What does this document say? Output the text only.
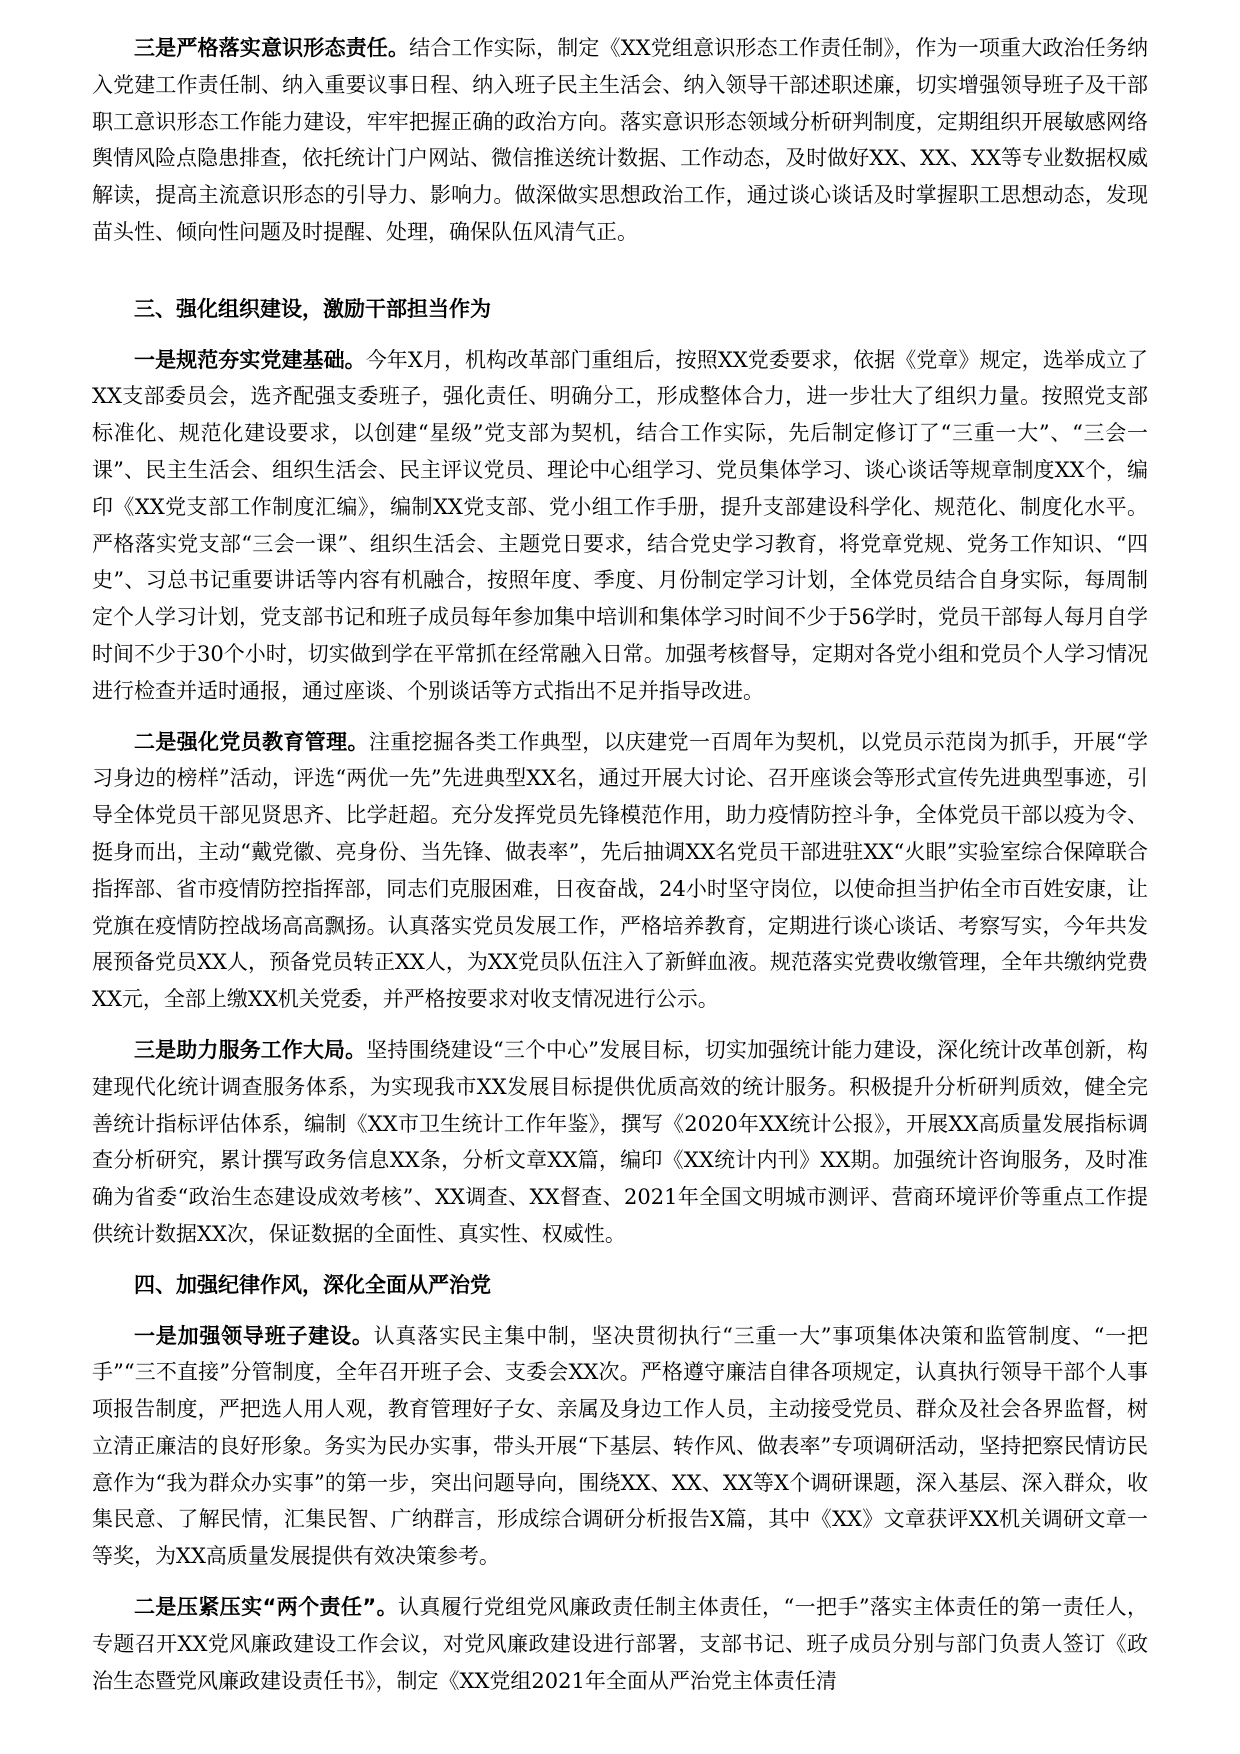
三是严格落实意识形态责任。结合工作实际，制定《XX党组意识形态工作责任制》，作为一项重大政治任务纳入党建工作责任制、纳入重要议事日程、纳入班子民主生活会、纳入领导干部述职述廉，切实增强领导班子及干部职工意识形态工作能力建设，牢牢把握正确的政治方向。落实意识形态领域分析研判制度，定期组织开展敏感网络舆情风险点隐患排查，依托统计门户网站、微信推送统计数据、工作动态，及时做好XX、XX、XX等专业数据权威解读，提高主流意识形态的引导力、影响力。做深做实思想政治工作，通过谈心谈话及时掌握职工思想动态，发现苗头性、倾向性问题及时提醒、处理，确保队伍风清气正。

三、强化组织建设，激励干部担当作为

一是规范夯实党建基础。今年X月，机构改革部门重组后，按照XX党委要求，依据《党章》规定，选举成立了XX支部委员会，选齐配强支委班子，强化责任、明确分工，形成整体合力，进一步壮大了组织力量。按照党支部标准化、规范化建设要求，以创建“星级”党支部为契机，结合工作实际，先后制定修订了“三重一大”、“三会一课”、民主生活会、组织生活会、民主评议党员、理论中心组学习、党员集体学习、谈心谈话等规章制度XX个，编印《XX党支部工作制度汇编》，编制XX党支部、党小组工作手册，提升支部建设科学化、规范化、制度化水平。严格落实党支部“三会一课”、组织生活会、主题党日要求，结合党史学习教育，将党章党规、党务工作知识、“四史”、习总书记重要讲话等内容有机融合，按照年度、季度、月份制定学习计划，全体党员结合自身实际，每周制定个人学习计划，党支部书记和班子成员每年参加集中培训和集体学习时间不少于56学时，党员干部每人每月自学时间不少于30个小时，切实做到学在平常抓在经常融入日常。加强考核督导，定期对各党小组和党员个人学习情况进行检查并适时通报，通过座谈、个别谈话等方式指出不足并指导改进。

二是强化党员教育管理。注重挖掘各类工作典型，以庆建党一百周年为契机，以党员示范岗为抓手，开展“学习身边的榜样”活动，评选“两优一先”先进典型XX名，通过开展大讨论、召开座谈会等形式宣传先进典型事迹，引导全体党员干部见贤思齐、比学赶超。充分发挥党员先锋模范作用，助力疫情防控斗争，全体党员干部以疫为令、挺身而出，主动“戴党徽、亮身份、当先锋、做表率”，先后抽调XX名党员干部进驻XX“火眼”实验室综合保障联合指挥部、省市疫情防控指挥部，同志们克服困难，日夜奋战，24小时坚守岗位，以使命担当护佑全市百姓安康，让党旗在疫情防控战场高高飘扬。认真落实党员发展工作，严格培养教育，定期进行谈心谈话、考察写实，今年共发展预备党员XX人，预备党员转正XX人，为XX党员队伍注入了新鲜血液。规范落实党费收缴管理，全年共缴纳党费XX元，全部上缴XX机关党委，并严格按要求对收支情况进行公示。

三是助力服务工作大局。坚持围绕建设“三个中心”发展目标，切实加强统计能力建设，深化统计改革创新，构建现代化统计调查服务体系，为实现我市XX发展目标提供优质高效的统计服务。积极提升分析研判质效，健全完善统计指标评估体系，编制《XX市卫生统计工作年鉴》，撰写《2020年XX统计公报》，开展XX高质量发展指标调查分析研究，累计撰写政务信息XX条，分析文章XX篇，编印《XX统计内刊》XX期。加强统计咨询服务，及时准确为省委“政治生态建设成效考核”、XX调查、XX督查、2021年全国文明城市测评、营商环境评价等重点工作提供统计数据XX次，保证数据的全面性、真实性、权威性。

四、加强纪律作风，深化全面从严治党

一是加强领导班子建设。认真落实民主集中制，坚决贯彻执行“三重一大”事项集体决策和监管制度、“一把手”“三不直接”分管制度，全年召开班子会、支委会XX次。严格遵守廉洁自律各项规定，认真执行领导干部个人事项报告制度，严把选人用人观，教育管理好子女、亲属及身边工作人员，主动接受党员、群众及社会各界监督，树立清正廉洁的良好形象。务实为民办实事，带头开展“下基层、转作风、做表率”专项调研活动，坚持把察民情访民意作为“我为群众办实事”的第一步，突出问题导向，围绕XX、XX、XX等X个调研课题，深入基层、深入群众，收集民意、了解民情，汇集民智、广纳群言，形成综合调研分析报告X篇，其中《XX》文章获评XX机关调研文章一等奖，为XX高质量发展提供有效决策参考。

二是压紧压实“两个责任”。认真履行党组党风廉政责任制主体责任，“一把手”落实主体责任的第一责任人，专题召开XX党风廉政建设工作会议，对党风廉政建设进行部署，支部书记、班子成员分别与部门负责人签订《政治生态暨党风廉政建设责任书》，制定《XX党组2021年全面从严治党主体责任清
